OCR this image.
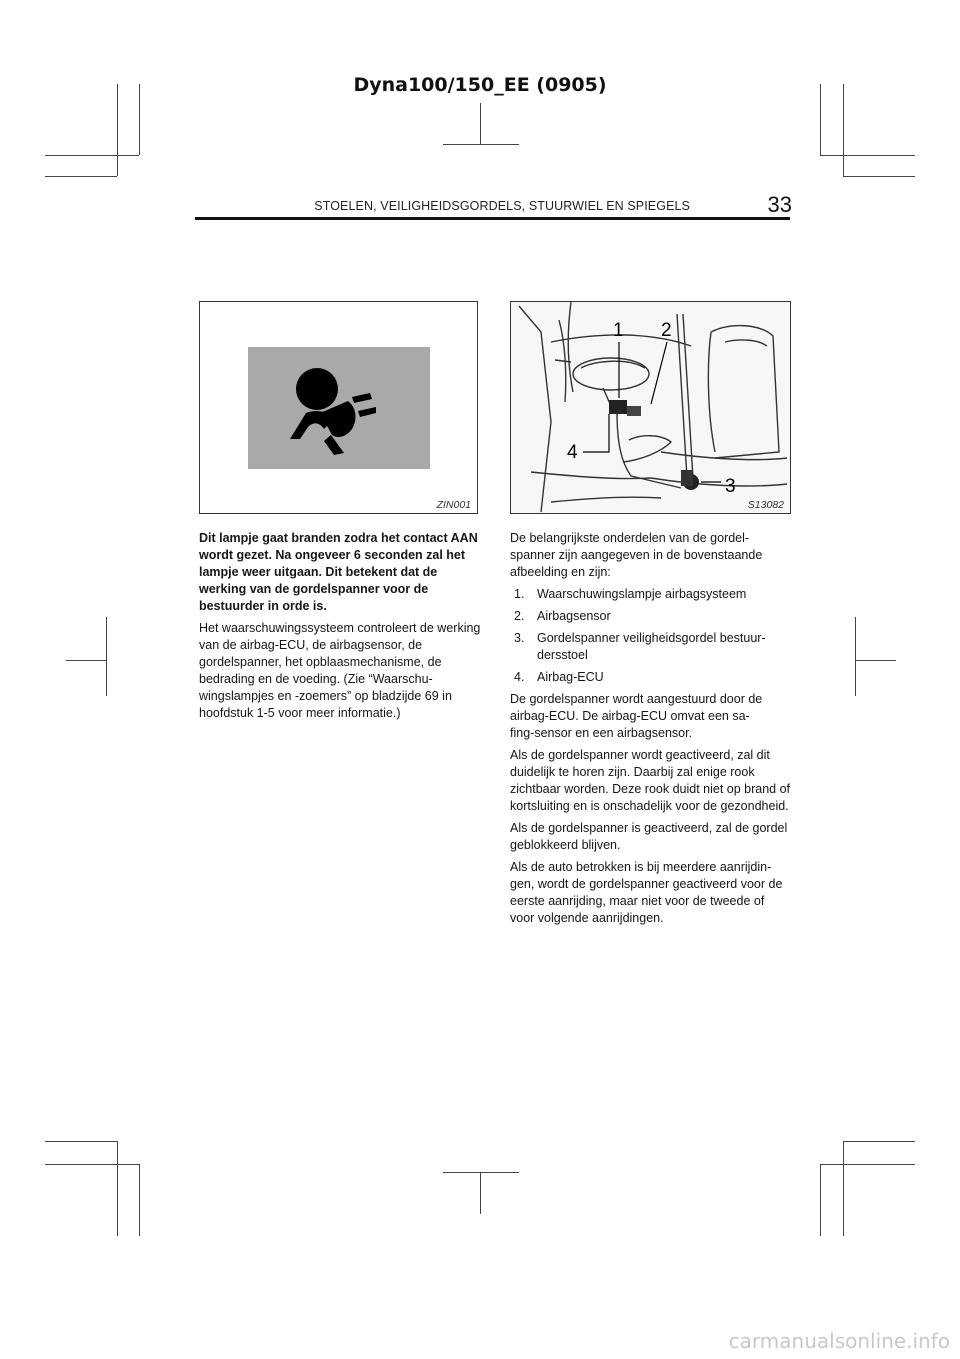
Dyna100/150_EE (0905)
STOELEN, VEILIGHEIDSGORDELS, STUURWIEL EN SPIEGELS	33
ZIN001
1 2
3
4
S13082

Dit lampje gaat branden zodra het contact AAN wordt gezet. Na ongeveer 6 seconden zal het lampje weer uitgaan. Dit betekent dat de werking van de gordelspanner voor de bestuurder in orde is.

Het waarschuwingssysteem controleert de werking van de airbag‑ECU, de airbagsensor, de gordelspanner, het opblaasmechanisme, de bedrading en de voeding. (Zie “Waarschu-wingslampjes en ‑zoemers” op bladzijde 69 in hoofdstuk 1‑5 voor meer informatie.)

De belangrijkste onderdelen van de gordel-spanner zijn aangegeven in de bovenstaande afbeelding en zijn:

1. Waarschuwingslampje airbagsysteem
2. Airbagsensor
3. Gordelspanner veiligheidsgordel bestuur-dersstoel
4. Airbag‑ECU

De gordelspanner wordt aangestuurd door de airbag‑ECU. De airbag‑ECU omvat een sa-fing‑sensor en een airbagsensor.

Als de gordelspanner wordt geactiveerd, zal dit duidelijk te horen zijn. Daarbij zal enige rook zichtbaar worden. Deze rook duidt niet op brand of kortsluiting en is onschadelijk voor de gezondheid.

Als de gordelspanner is geactiveerd, zal de gordel geblokkeerd blijven.

Als de auto betrokken is bij meerdere aanrijdin-gen, wordt de gordelspanner geactiveerd voor de eerste aanrijding, maar niet voor de tweede of voor volgende aanrijdingen.

carmanualsonline.info
